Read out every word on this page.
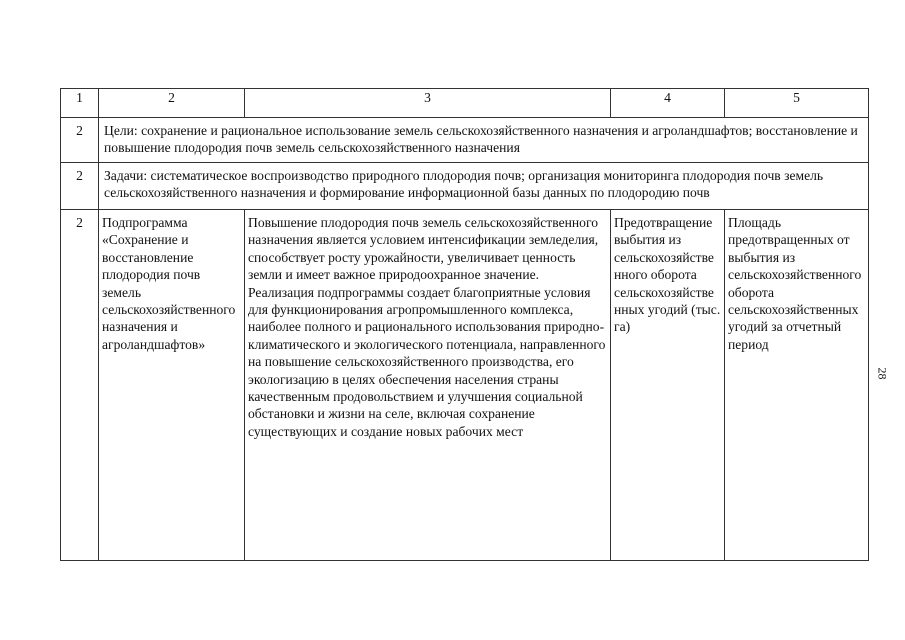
1	2	3	4	5
2	Цели: сохранение и рациональное использование земель сельскохозяйственного назначения и агроландшафтов; восстановление и повышение плодородия почв земель сельскохозяйственного назначения			
2	Задачи: систематическое воспроизводство природного плодородия почв; организация мониторинга плодородия почв земель сельскохозяйственного назначения и формирование информационной базы данных по плодородию почв			
2	Подпрограмма «Сохранение и восстановление плодородия почв земель сельскохозяйственного назначения и агроландшафтов»	Повышение плодородия почв земель сельскохозяйственного назначения является условием интенсификации земледелия, способствует росту урожайности, увеличивает ценность земли и имеет важное природоохранное значение. Реализация подпрограммы создает благоприятные условия для функционирования агропромышленного комплекса, наиболее полного и рационального использования природно-климатического и экологического потенциала, направленного на повышение сельскохозяйственного производства, его экологизацию в целях обеспечения населения страны качественным продовольствием и улучшения социальной обстановки и жизни на селе, включая сохранение существующих и создание новых рабочих мест	Предотвращение выбытия из сельскохозяйственного оборота сельскохозяйственных угодий (тыс. га)	Площадь предотвращенных от выбытия из сельскохозяйственного оборота сельскохозяйственных угодий за отчетный период
28
